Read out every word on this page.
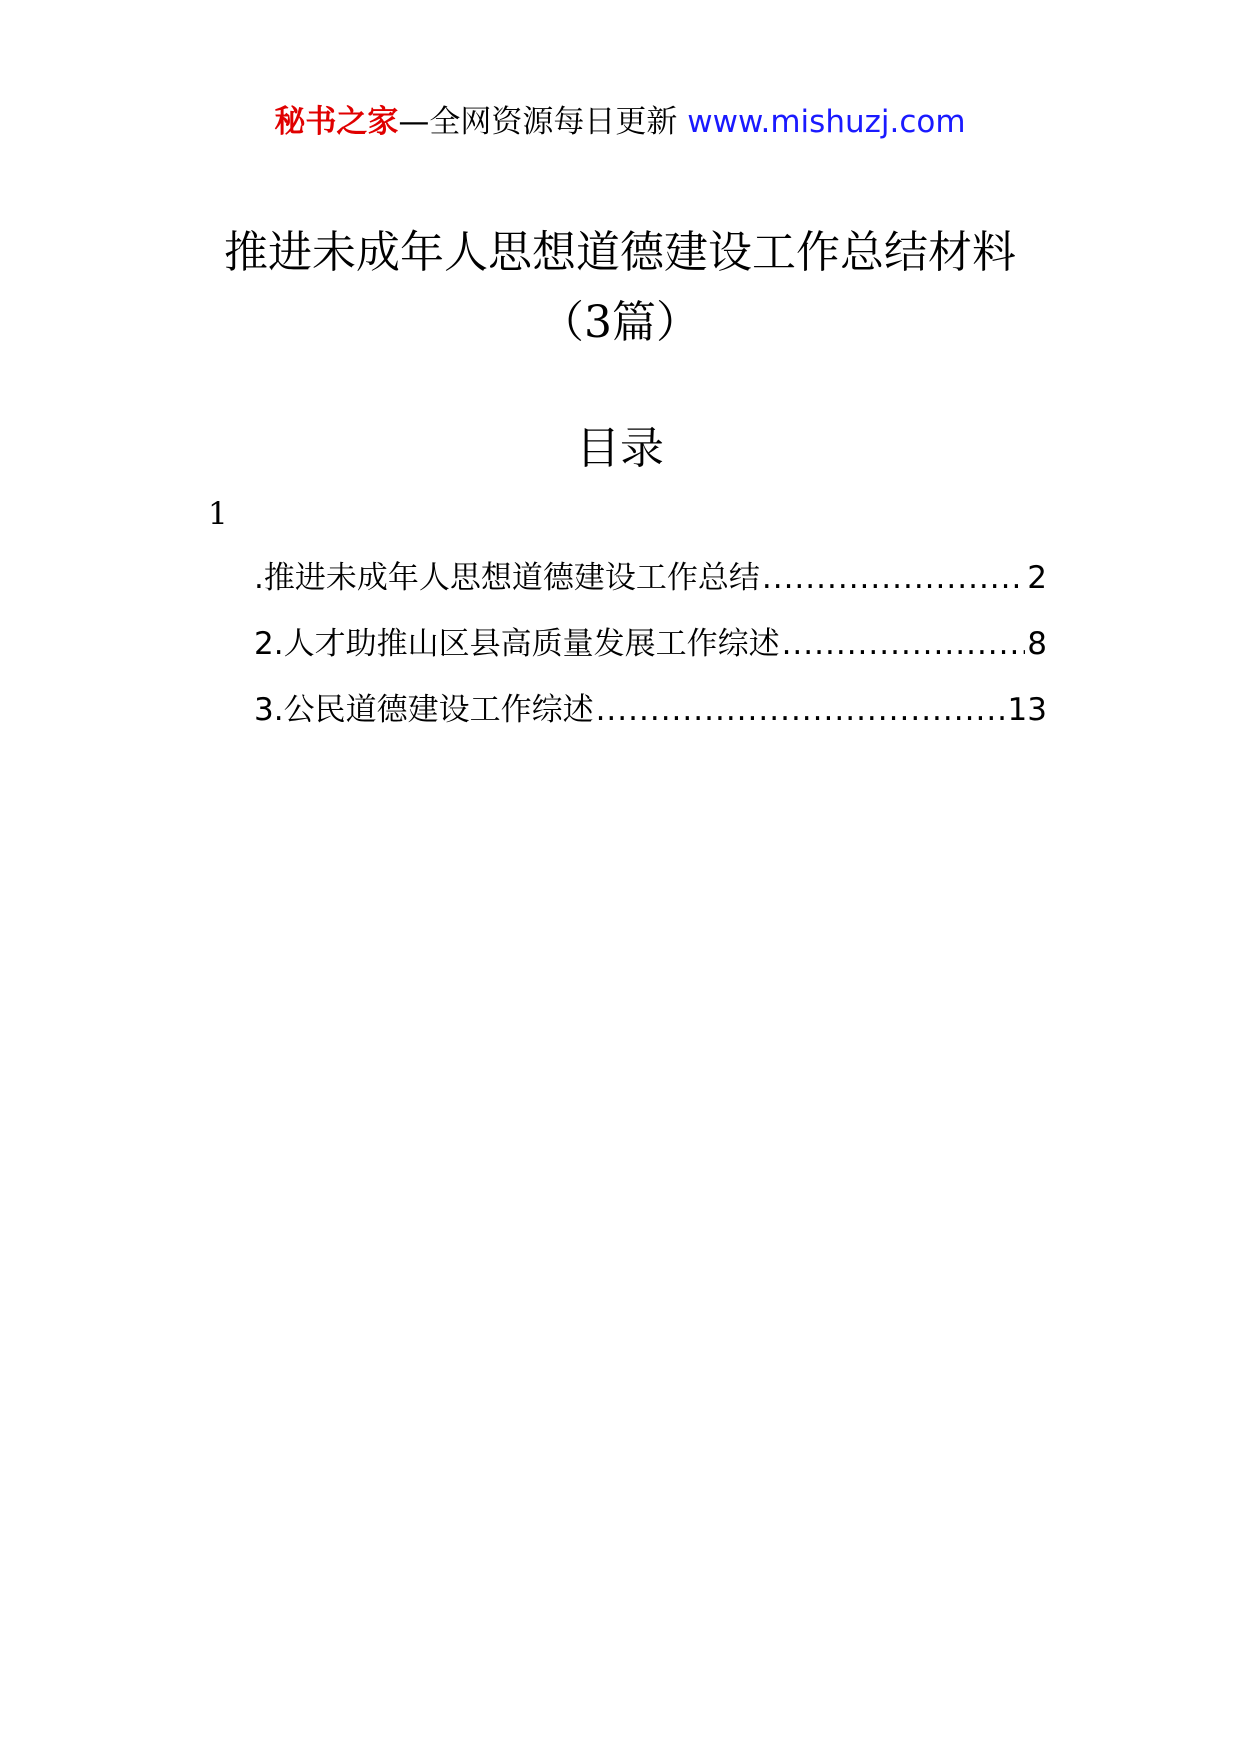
秘书之家—全网资源每日更新 www.mishuzj.com
推进未成年人思想道德建设工作总结材料
（3篇）
目录
1
.推进未成年人思想道德建设工作总结 .....	2
2.人才助推山区县高质量发展工作综述 .....	8
3.公民道德建设工作综述 .....	13
